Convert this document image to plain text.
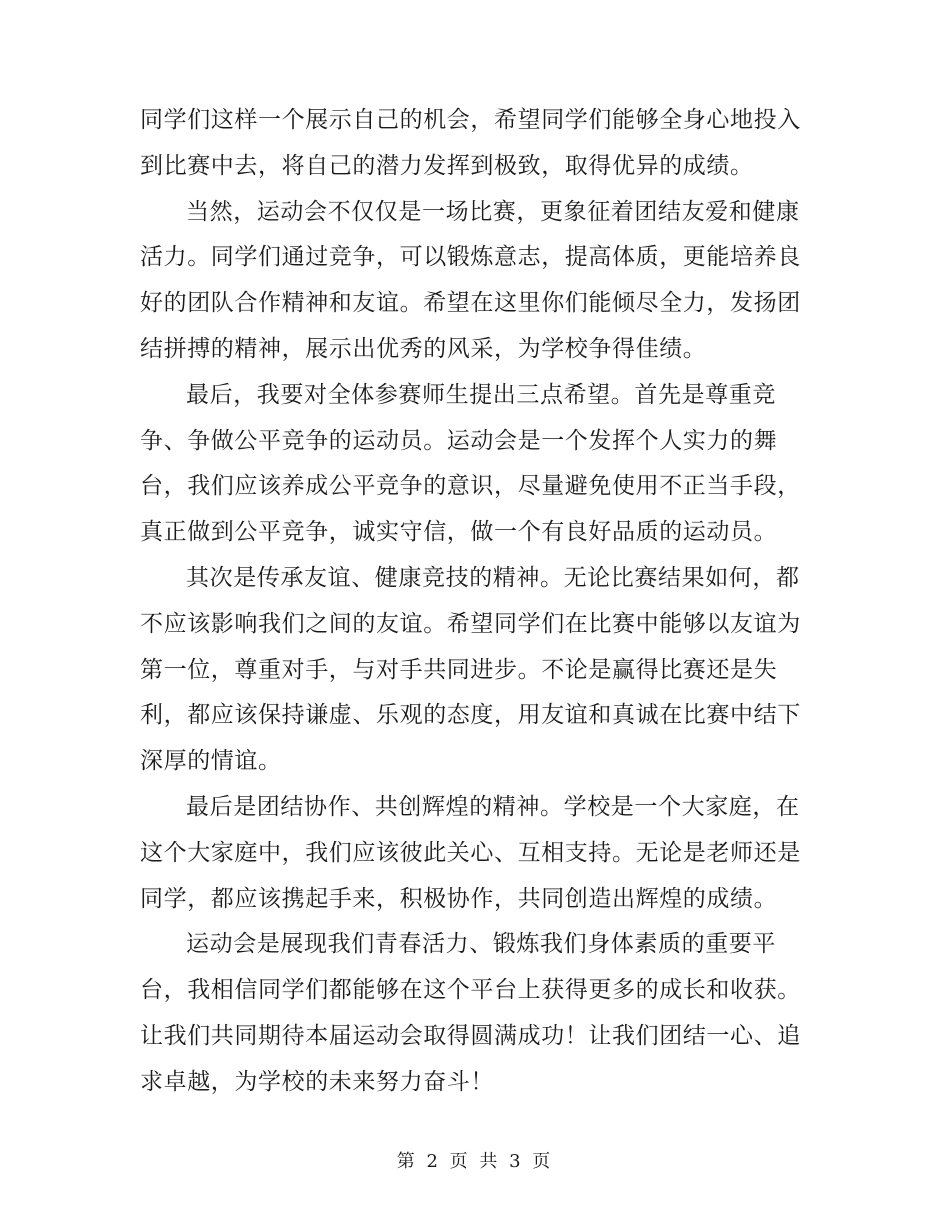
同学们这样一个展示自己的机会，希望同学们能够全身心地投入
到比赛中去，将自己的潜力发挥到极致，取得优异的成绩。
当然，运动会不仅仅是一场比赛，更象征着团结友爱和健康
活力。同学们通过竞争，可以锻炼意志，提高体质，更能培养良
好的团队合作精神和友谊。希望在这里你们能倾尽全力，发扬团
结拼搏的精神，展示出优秀的风采，为学校争得佳绩。
最后，我要对全体参赛师生提出三点希望。首先是尊重竞
争、争做公平竞争的运动员。运动会是一个发挥个人实力的舞
台，我们应该养成公平竞争的意识，尽量避免使用不正当手段，
真正做到公平竞争，诚实守信，做一个有良好品质的运动员。
其次是传承友谊、健康竞技的精神。无论比赛结果如何，都
不应该影响我们之间的友谊。希望同学们在比赛中能够以友谊为
第一位，尊重对手，与对手共同进步。不论是赢得比赛还是失
利，都应该保持谦虚、乐观的态度，用友谊和真诚在比赛中结下
深厚的情谊。
最后是团结协作、共创辉煌的精神。学校是一个大家庭，在
这个大家庭中，我们应该彼此关心、互相支持。无论是老师还是
同学，都应该携起手来，积极协作，共同创造出辉煌的成绩。
运动会是展现我们青春活力、锻炼我们身体素质的重要平
台，我相信同学们都能够在这个平台上获得更多的成长和收获。
让我们共同期待本届运动会取得圆满成功！让我们团结一心、追
求卓越，为学校的未来努力奋斗！
第 2 页 共 3 页
